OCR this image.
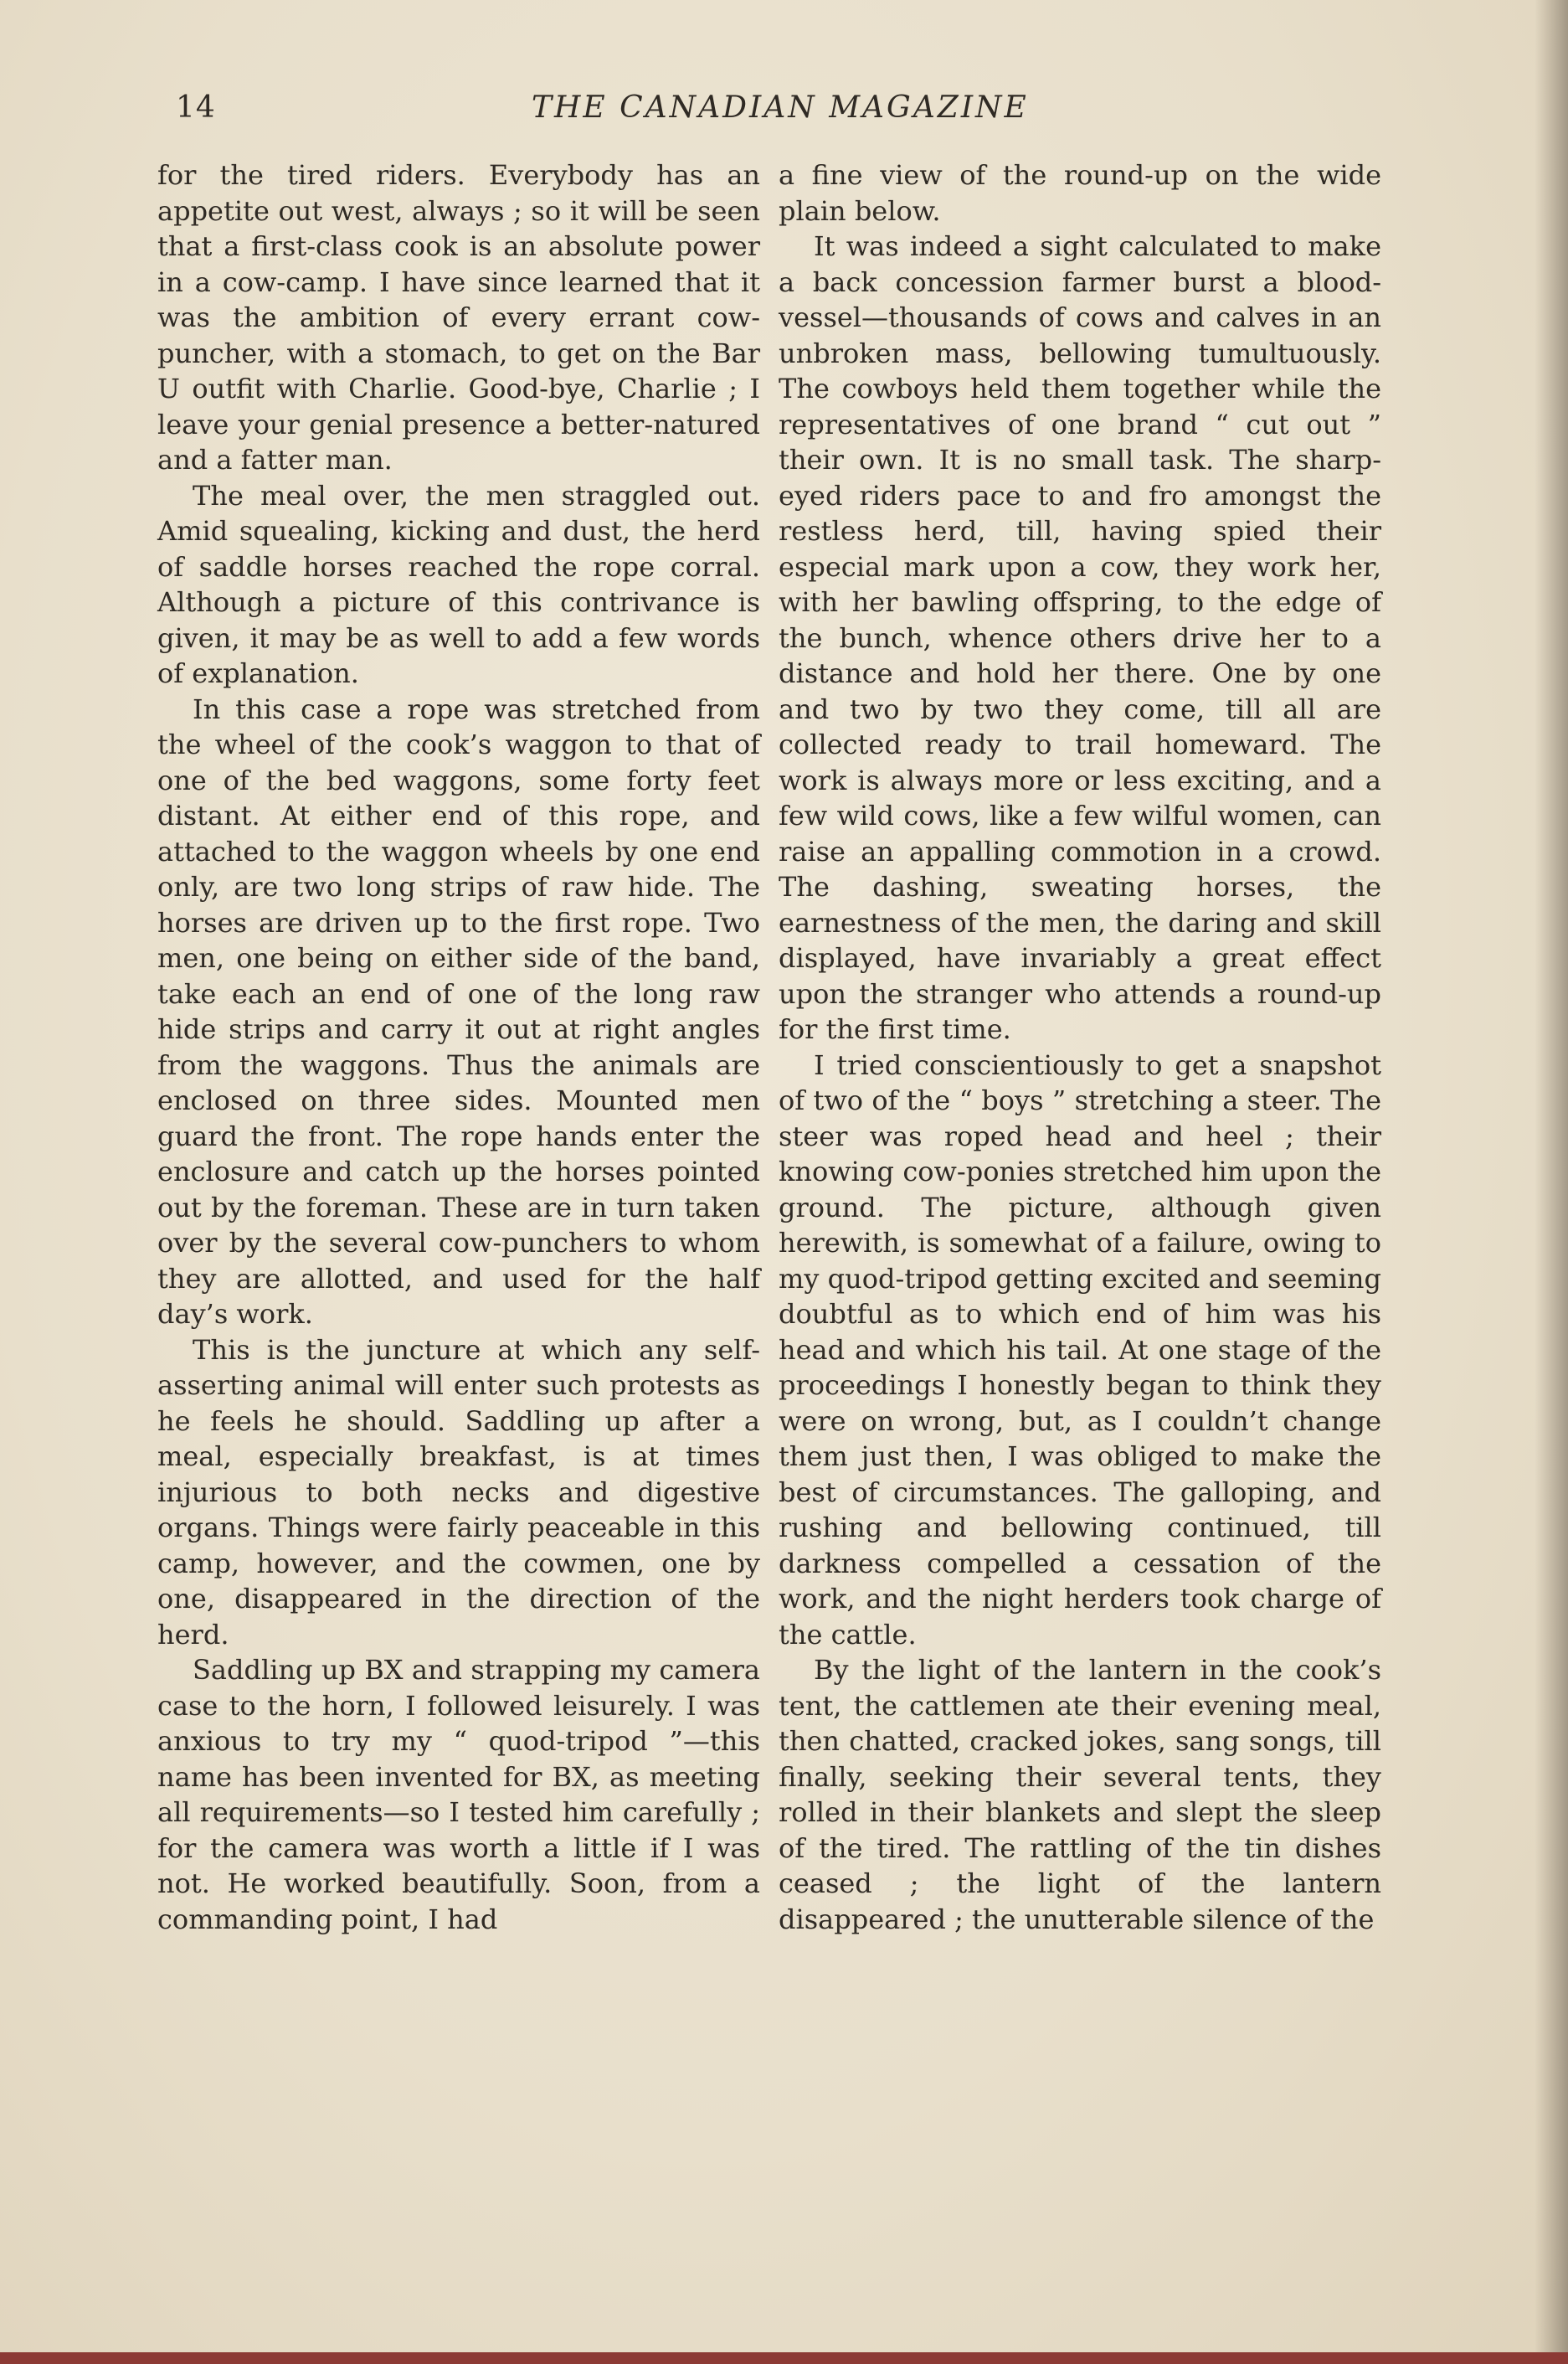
14	THE CANADIAN MAGAZINE

for the tired riders. Everybody has an appetite out west, always ; so it will be seen that a first-class cook is an absolute power in a cow-camp. I have since learned that it was the ambition of every errant cow-puncher, with a stomach, to get on the Bar U outfit with Charlie. Good-bye, Charlie ; I leave your genial presence a better-natured and a fatter man.

The meal over, the men straggled out. Amid squealing, kicking and dust, the herd of saddle horses reached the rope corral. Although a picture of this contrivance is given, it may be as well to add a few words of explanation.

In this case a rope was stretched from the wheel of the cook’s waggon to that of one of the bed waggons, some forty feet distant. At either end of this rope, and attached to the waggon wheels by one end only, are two long strips of raw hide. The horses are driven up to the first rope. Two men, one being on either side of the band, take each an end of one of the long raw hide strips and carry it out at right angles from the waggons. Thus the animals are enclosed on three sides. Mounted men guard the front. The rope hands enter the enclosure and catch up the horses pointed out by the foreman. These are in turn taken over by the several cow-punchers to whom they are allotted, and used for the half day’s work.

This is the juncture at which any self-asserting animal will enter such protests as he feels he should. Saddling up after a meal, especially breakfast, is at times injurious to both necks and digestive organs. Things were fairly peaceable in this camp, however, and the cowmen, one by one, disappeared in the direction of the herd.

Saddling up BX and strapping my camera case to the horn, I followed leisurely. I was anxious to try my “ quod-tripod ”—this name has been invented for BX, as meeting all requirements—so I tested him carefully ; for the camera was worth a little if I was not. He worked beautifully. Soon, from a commanding point, I had

a fine view of the round-up on the wide plain below.

It was indeed a sight calculated to make a back concession farmer burst a blood-vessel—thousands of cows and calves in an unbroken mass, bellowing tumultuously. The cowboys held them together while the representatives of one brand “ cut out ” their own. It is no small task. The sharp-eyed riders pace to and fro amongst the restless herd, till, having spied their especial mark upon a cow, they work her, with her bawling offspring, to the edge of the bunch, whence others drive her to a distance and hold her there. One by one and two by two they come, till all are collected ready to trail homeward. The work is always more or less exciting, and a few wild cows, like a few wilful women, can raise an appalling commotion in a crowd. The dashing, sweating horses, the earnestness of the men, the daring and skill displayed, have invariably a great effect upon the stranger who attends a round-up for the first time.

I tried conscientiously to get a snapshot of two of the “ boys ” stretching a steer. The steer was roped head and heel ; their knowing cow-ponies stretched him upon the ground. The picture, although given herewith, is somewhat of a failure, owing to my quod-tripod getting excited and seeming doubtful as to which end of him was his head and which his tail. At one stage of the proceedings I honestly began to think they were on wrong, but, as I couldn’t change them just then, I was obliged to make the best of circumstances. The galloping, and rushing and bellowing continued, till darkness compelled a cessation of the work, and the night herders took charge of the cattle.

By the light of the lantern in the cook’s tent, the cattlemen ate their evening meal, then chatted, cracked jokes, sang songs, till finally, seeking their several tents, they rolled in their blankets and slept the sleep of the tired. The rattling of the tin dishes ceased ; the light of the lantern disappeared ; the unutterable silence of the
